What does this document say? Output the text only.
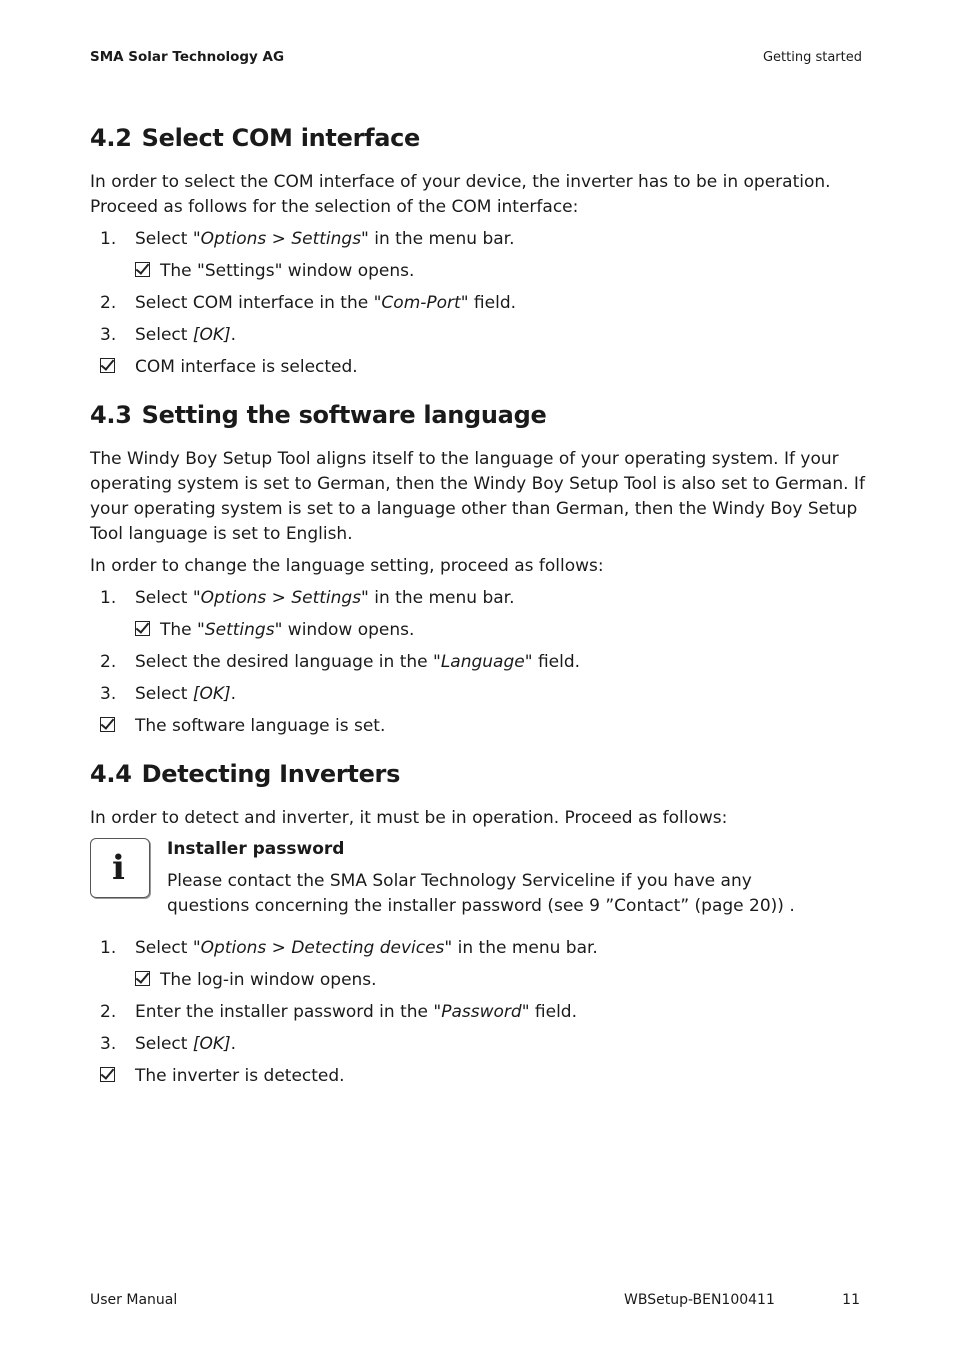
SMA Solar Technology AG	Getting started
4.2 Select COM interface

In order to select the COM interface of your device, the inverter has to be in operation. Proceed as follows for the selection of the COM interface:

1. Select "Options > Settings" in the menu bar.
The "Settings" window opens.
2. Select COM interface in the "Com-Port" field.
3. Select [OK].
COM interface is selected.
4.3 Setting the software language

The Windy Boy Setup Tool aligns itself to the language of your operating system. If your operating system is set to German, then the Windy Boy Setup Tool is also set to German. If your operating system is set to a language other than German, then the Windy Boy Setup Tool language is set to English.

In order to change the language setting, proceed as follows:

1. Select "Options > Settings" in the menu bar.
The "Settings" window opens.
2. Select the desired language in the "Language" field.
3. Select [OK].
The software language is set.
4.4 Detecting Inverters

In order to detect and inverter, it must be in operation. Proceed as follows:

i Installer password

Please contact the SMA Solar Technology Serviceline if you have any questions concerning the installer password (see 9 ”Contact” (page 20)) .

1. Select "Options > Detecting devices" in the menu bar.
The log-in window opens.
2. Enter the installer password in the "Password" field.
3. Select [OK].
The inverter is detected.
User Manual	WBSetup-BEN100411	11
